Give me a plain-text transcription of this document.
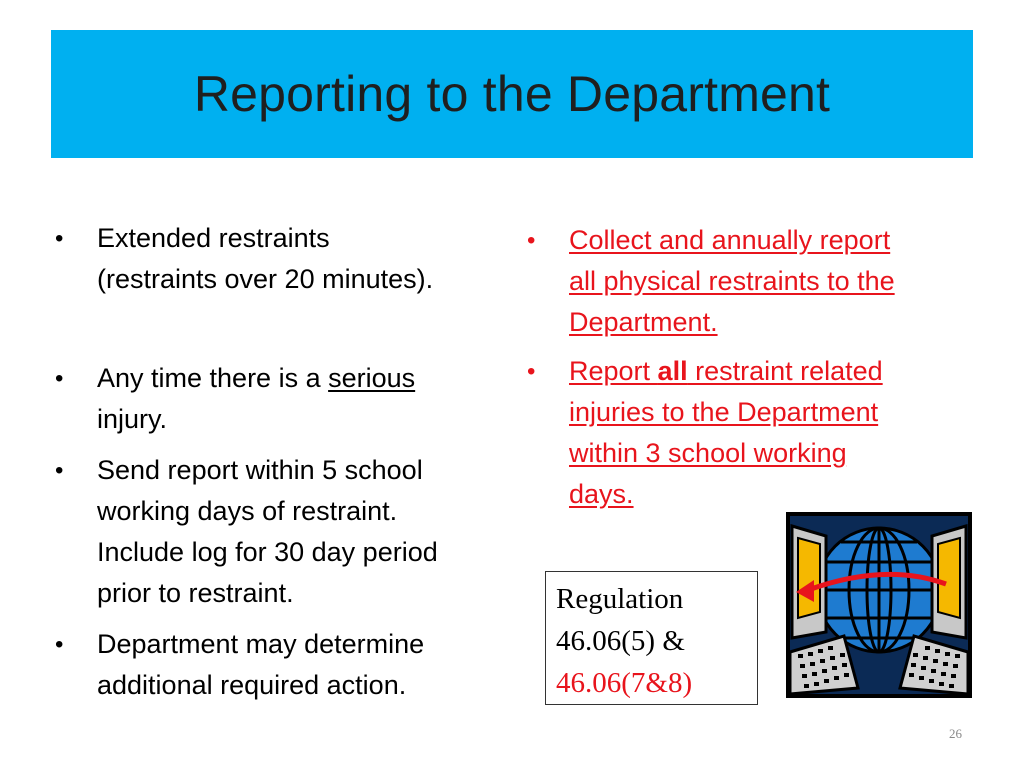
Reporting to the Department
•	Extended restraints
(restraints over 20 minutes).
•	Any time there is a serious
injury.
•	Send report within 5 school
working days of restraint.
Include log for 30 day period
prior to restraint.
•	Department may determine
additional required action.
•	Collect and annually report
all physical restraints to the
Department.
•	Report all restraint related
injuries to the Department
within 3 school working
days.
Regulation
46.06(5) &
46.06(7&8)
26
